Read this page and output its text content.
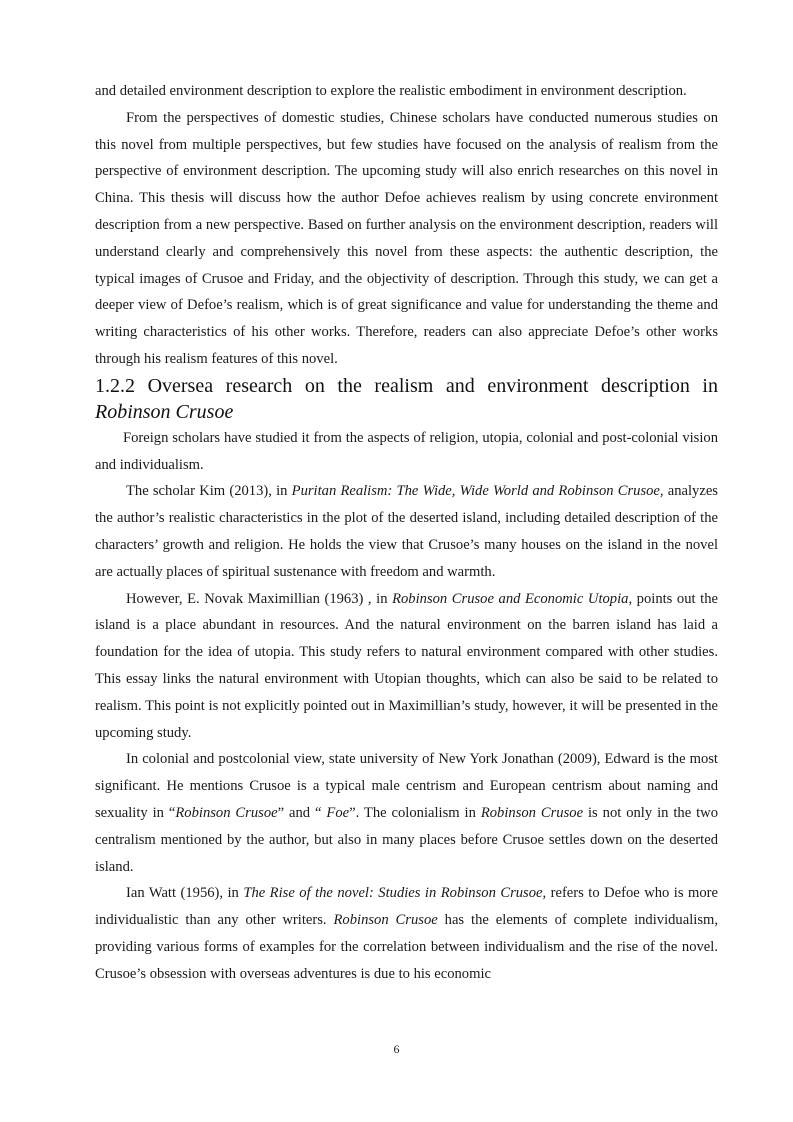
and detailed environment description to explore the realistic embodiment in environment description.

From the perspectives of domestic studies, Chinese scholars have conducted numerous studies on this novel from multiple perspectives, but few studies have focused on the analysis of realism from the perspective of environment description. The upcoming study will also enrich researches on this novel in China. This thesis will discuss how the author Defoe achieves realism by using concrete environment description from a new perspective. Based on further analysis on the environment description, readers will understand clearly and comprehensively this novel from these aspects: the authentic description, the typical images of Crusoe and Friday, and the objectivity of description. Through this study, we can get a deeper view of Defoe’s realism, which is of great significance and value for understanding the theme and writing characteristics of his other works. Therefore, readers can also appreciate Defoe’s other works through his realism features of this novel.

1.2.2 Oversea research on the realism and environment description in
Robinson Crusoe

Foreign scholars have studied it from the aspects of religion, utopia, colonial and post-colonial vision and individualism.

The scholar Kim (2013), in Puritan Realism: The Wide, Wide World and Robinson Crusoe, analyzes the author’s realistic characteristics in the plot of the deserted island, including detailed description of the characters’ growth and religion. He holds the view that Crusoe’s many houses on the island in the novel are actually places of spiritual sustenance with freedom and warmth.

However, E. Novak Maximillian (1963) , in Robinson Crusoe and Economic Utopia, points out the island is a place abundant in resources. And the natural environment on the barren island has laid a foundation for the idea of utopia. This study refers to natural environment compared with other studies. This essay links the natural environment with Utopian thoughts, which can also be said to be related to realism. This point is not explicitly pointed out in Maximillian’s study, however, it will be presented in the upcoming study.

In colonial and postcolonial view, state university of New York Jonathan (2009), Edward is the most significant. He mentions Crusoe is a typical male centrism and European centrism about naming and sexuality in “Robinson Crusoe” and “ Foe”. The colonialism in Robinson Crusoe is not only in the two centralism mentioned by the author, but also in many places before Crusoe settles down on the deserted island.

Ian Watt (1956), in The Rise of the novel: Studies in Robinson Crusoe, refers to Defoe who is more individualistic than any other writers. Robinson Crusoe has the elements of complete individualism, providing various forms of examples for the correlation between individualism and the rise of the novel. Crusoe’s obsession with overseas adventures is due to his economic

6
